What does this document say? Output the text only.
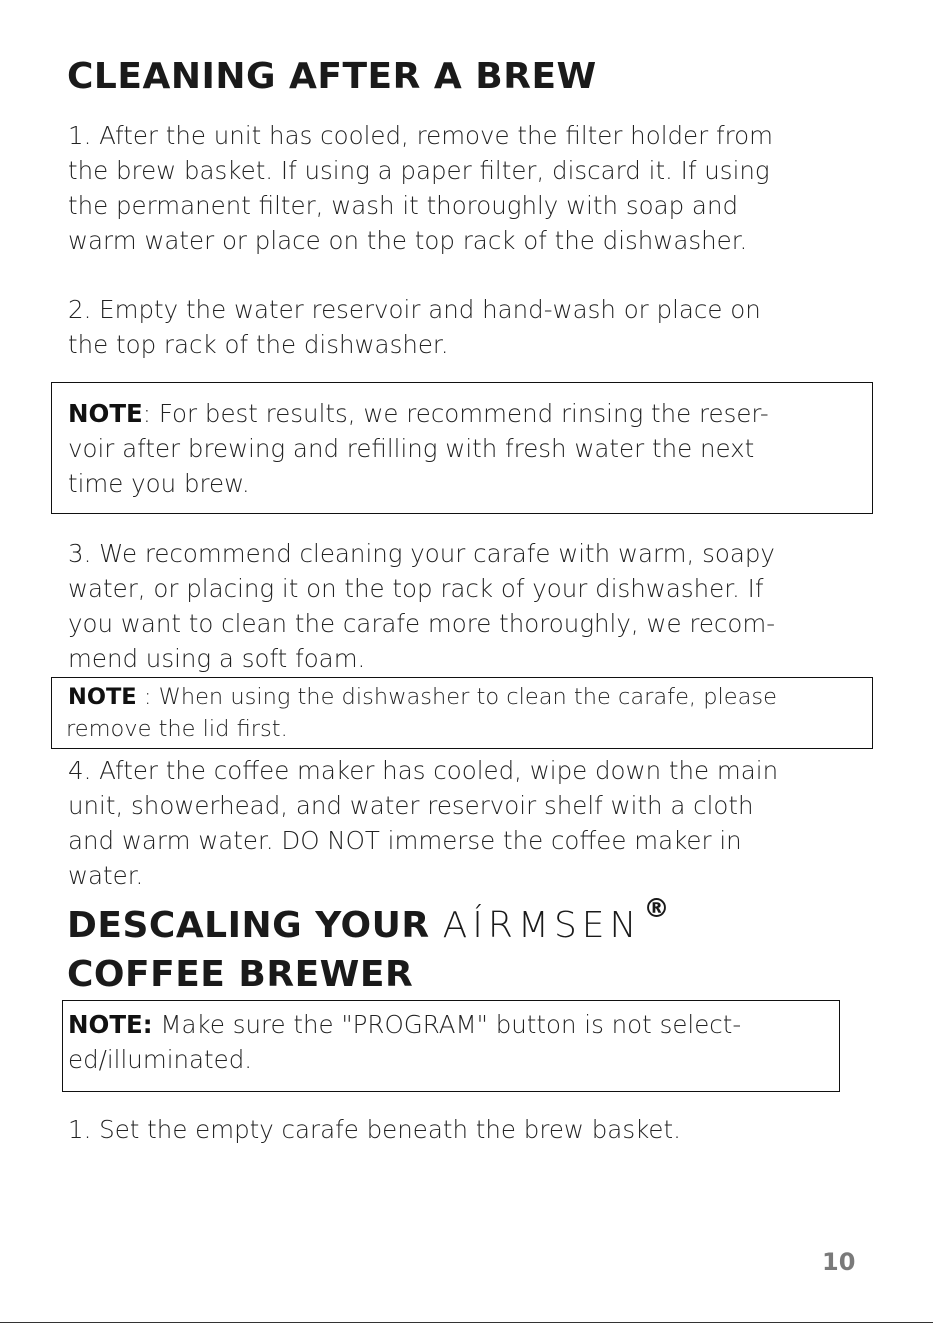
CLEANING AFTER A BREW
1. After the unit has cooled, remove the filter holder from
the brew basket. If using a paper filter, discard it. If using
the permanent filter, wash it thoroughly with soap and
warm water or place on the top rack of the dishwasher.
2. Empty the water reservoir and hand-wash or place on
the top rack of the dishwasher.
NOTE: For best results, we recommend rinsing the reser-
voir after brewing and refilling with fresh water the next
time you brew.
3. We recommend cleaning your carafe with warm, soapy
water, or placing it on the top rack of your dishwasher. If
you want to clean the carafe more thoroughly, we recom-
mend using a soft foam.
NOTE : When using the dishwasher to clean the carafe, please
remove the lid first.
4. After the coffee maker has cooled, wipe down the main
unit, showerhead, and water reservoir shelf with a cloth
and warm water. DO NOT immerse the coffee maker in
water.
DESCALING YOUR AÍRMSEN®
COFFEE BREWER
NOTE: Make sure the "PROGRAM" button is not select-
ed/illuminated.
1. Set the empty carafe beneath the brew basket.
10
